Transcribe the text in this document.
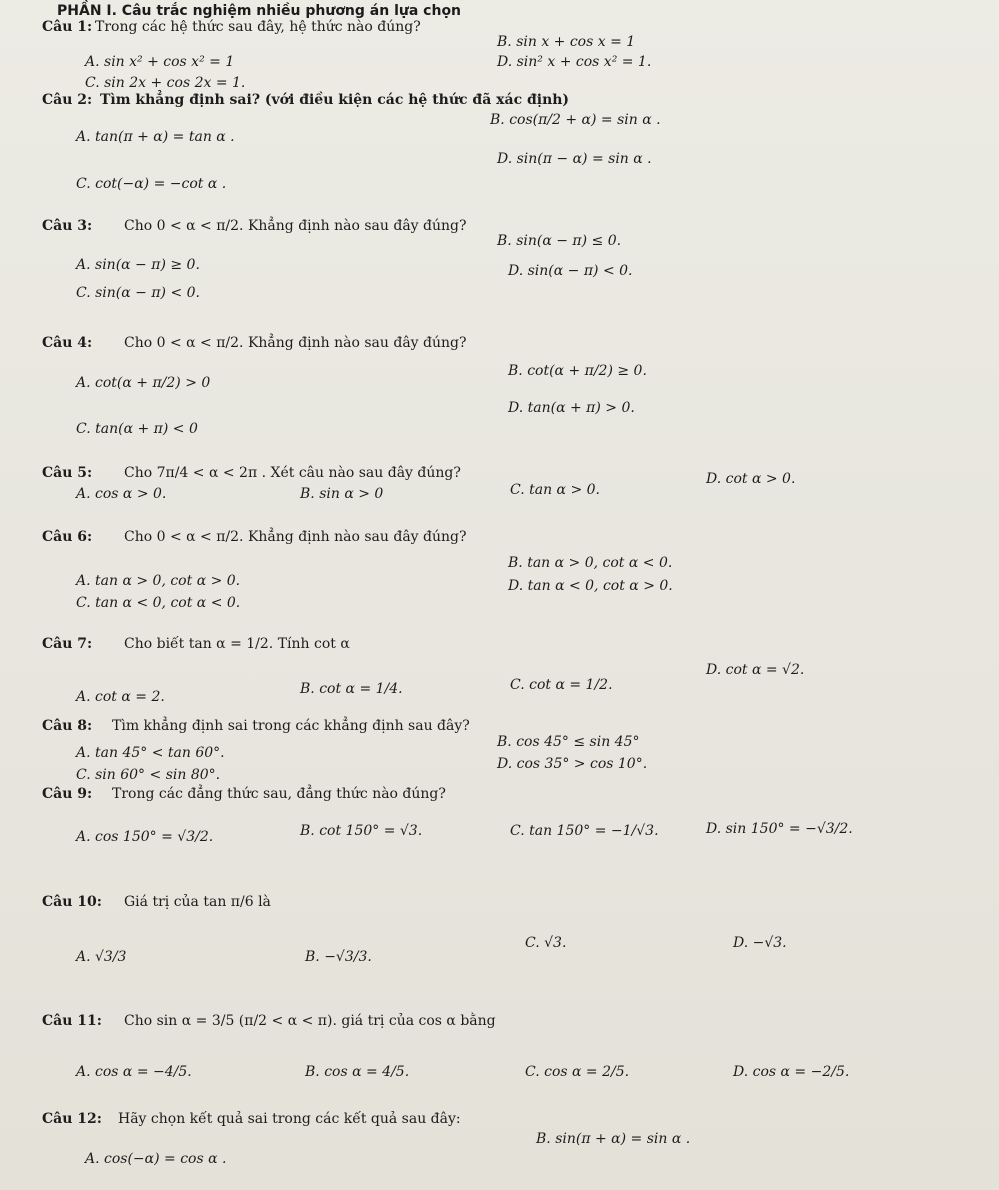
PHẦN I. Câu trắc nghiệm nhiều phương án lựa chọn
Câu 1: Trong các hệ thức sau đây, hệ thức nào đúng?
B. sin x + cos x = 1
A. sin x² + cos x² = 1	D. sin² x + cos x² = 1.
C. sin 2x + cos 2x = 1.
Câu 2: Tìm khẳng định sai? (với điều kiện các hệ thức đã xác định)
B. cos(π/2 + α) = sin α .
A. tan(π + α) = tan α .
D. sin(π − α) = sin α .
C. cot(−α) = −cot α .
Câu 3: Cho 0 < α < π/2. Khẳng định nào sau đây đúng?
B. sin(α − π) ≤ 0.
A. sin(α − π) ≥ 0.	D. sin(α − π) < 0.
C. sin(α − π) < 0.
Câu 4: Cho 0 < α < π/2. Khẳng định nào sau đây đúng?
B. cot(α + π/2) ≥ 0.
A. cot(α + π/2) > 0
D. tan(α + π) > 0.
C. tan(α + π) < 0
Câu 5: Cho 7π/4 < α < 2π . Xét câu nào sau đây đúng?
A. cos α > 0.	B. sin α > 0	C. tan α > 0.
D. cot α > 0.
Câu 6: Cho 0 < α < π/2. Khẳng định nào sau đây đúng?
B. tan α > 0, cot α < 0.
A. tan α > 0, cot α > 0.	D. tan α < 0, cot α > 0.
C. tan α < 0, cot α < 0.
Câu 7: Cho biết tan α = 1/2. Tính cot α
A. cot α = 2.	B. cot α = 1/4.	C. cot α = 1/2.
D. cot α = √2.
Câu 8: Tìm khẳng định sai trong các khẳng định sau đây?
B. cos 45° ≤ sin 45°
A. tan 45° < tan 60°.
D. cos 35° > cos 10°.
C. sin 60° < sin 80°.
Câu 9: Trong các đẳng thức sau, đẳng thức nào đúng?
A. cos 150° = √3/2.	B. cot 150° = √3.	C. tan 150° = −1/√3.	D. sin 150° = −√3/2.
Câu 10: Giá trị của tan π/6 là
A. √3/3	B. −√3/3.
C. √3.	D. −√3.
Câu 11: Cho sin α = 3/5 (π/2 < α < π). giá trị của cos α bằng
A. cos α = −4/5.	B. cos α = 4/5.	C. cos α = 2/5.	D. cos α = −2/5.
Câu 12: Hãy chọn kết quả sai trong các kết quả sau đây:
B. sin(π + α) = sin α .
A. cos(−α) = cos α .
